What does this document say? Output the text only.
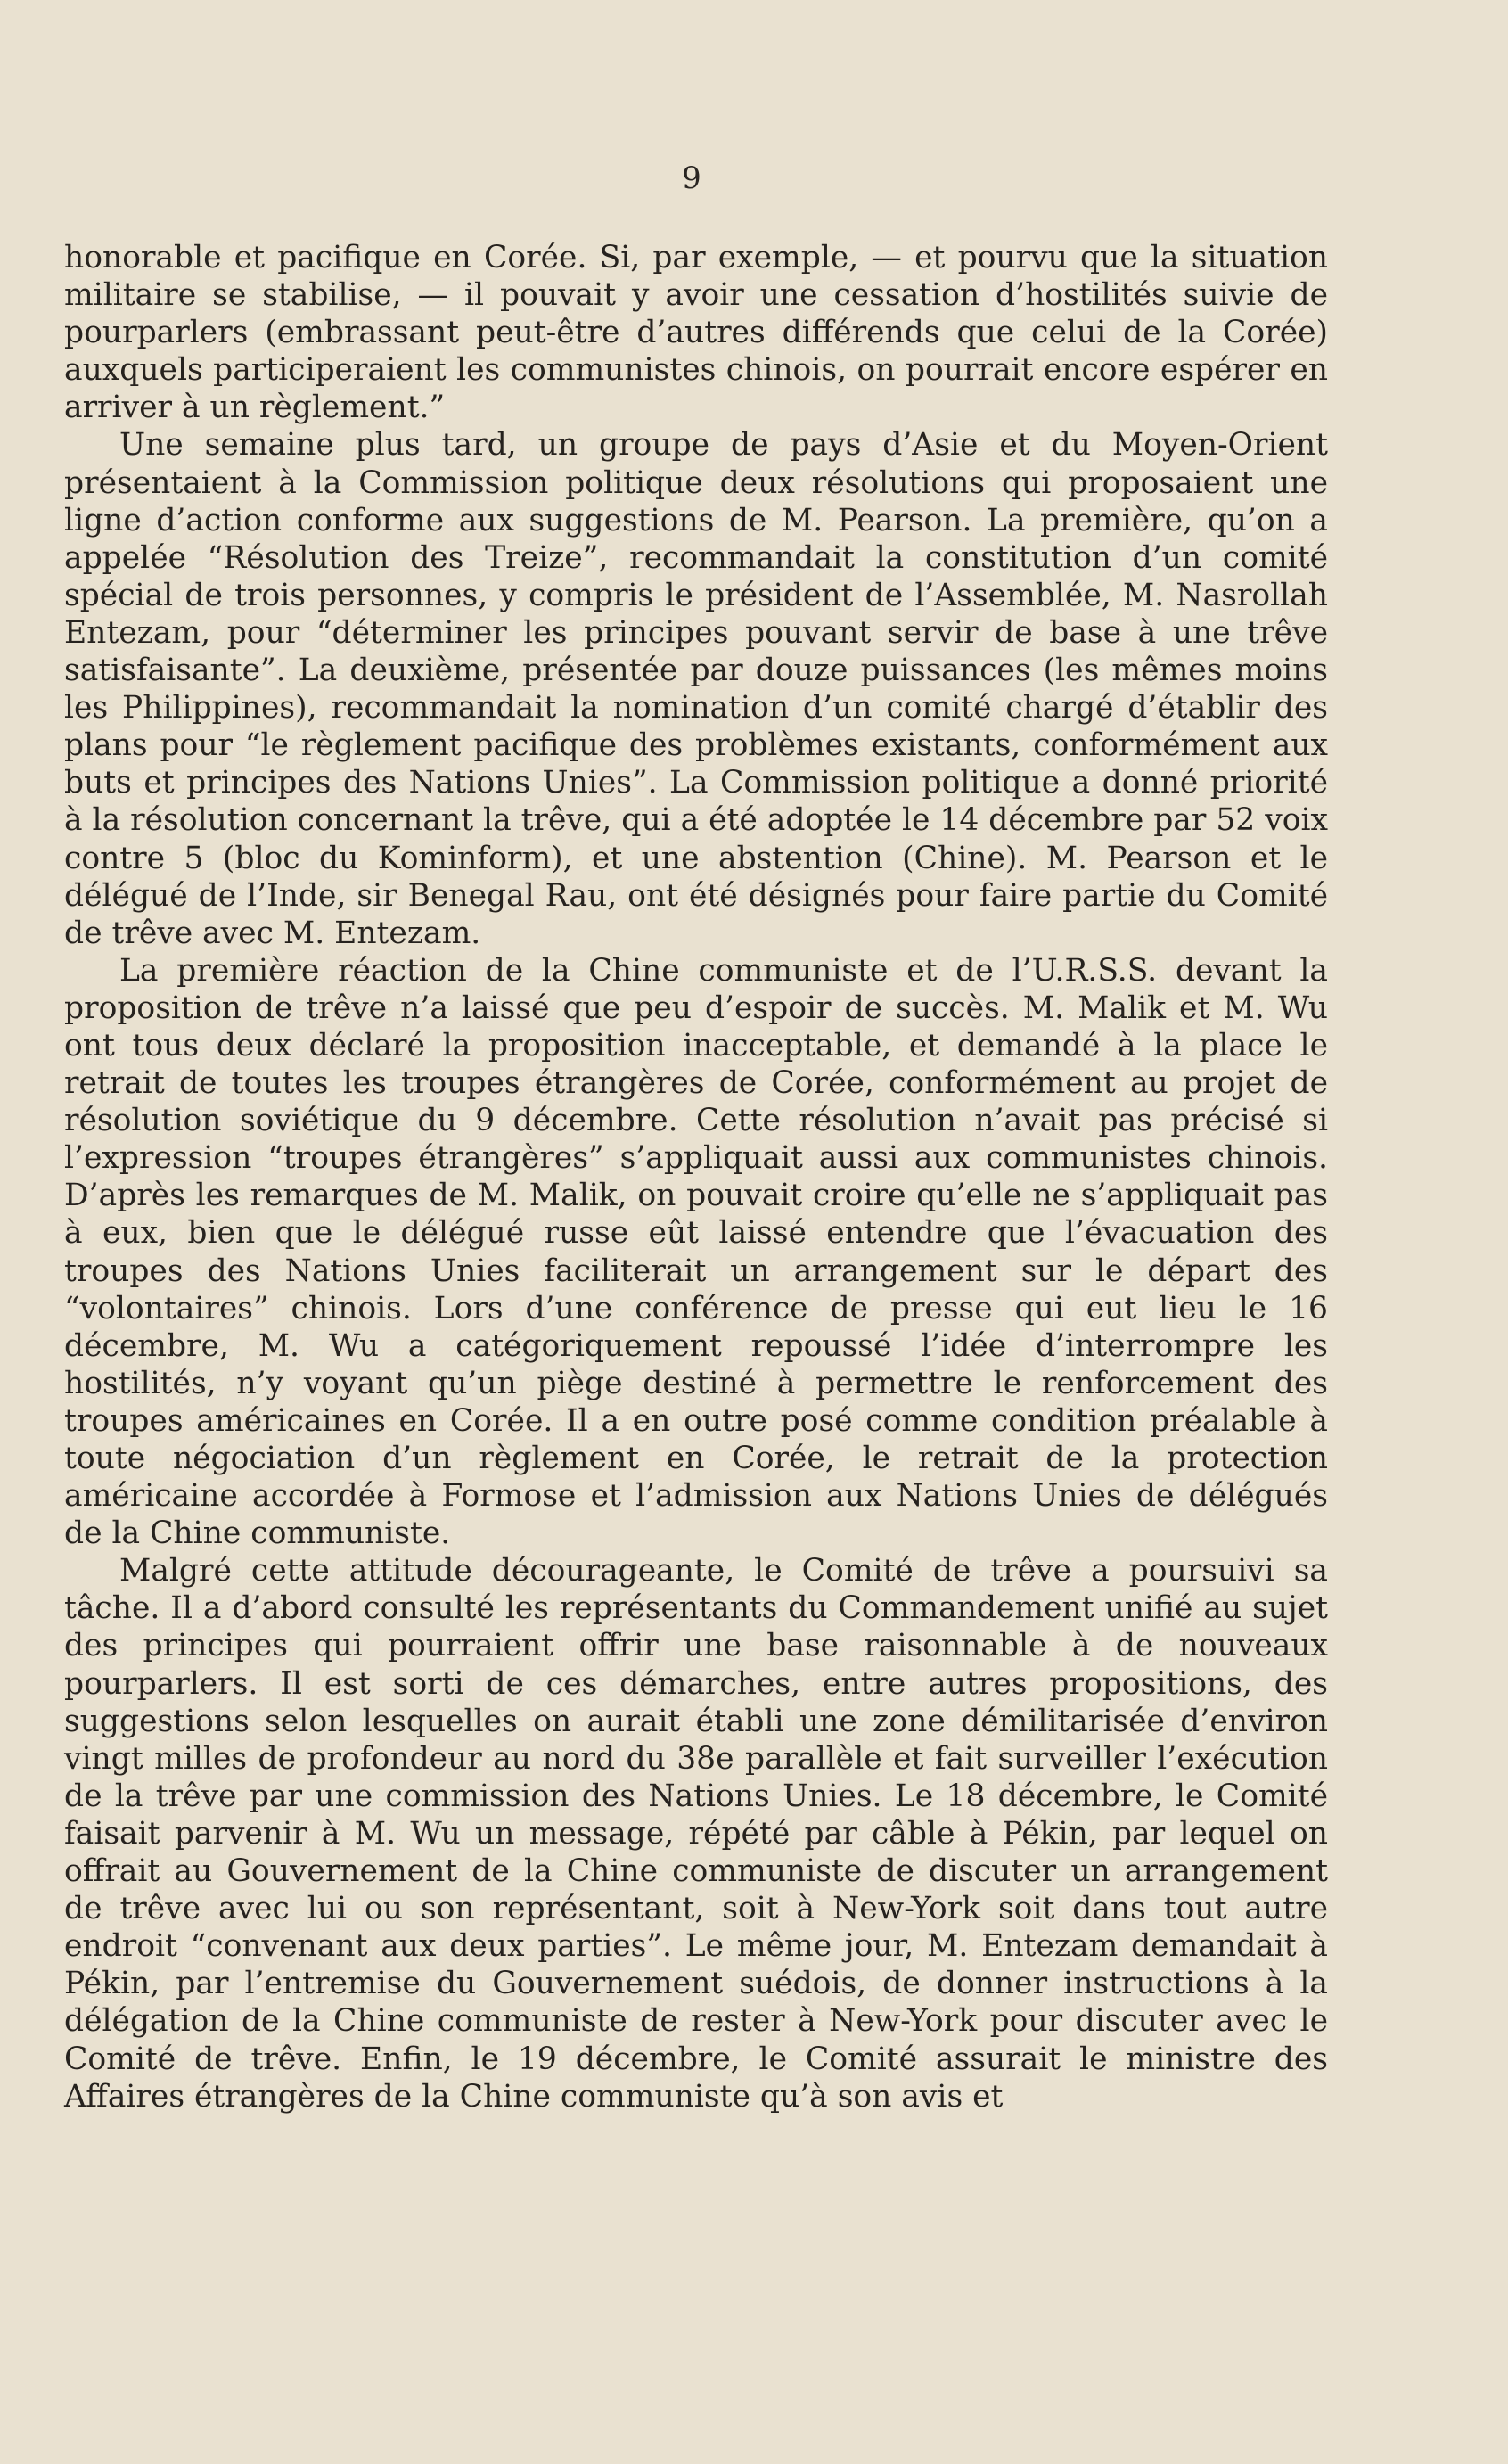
9

honorable et pacifique en Corée. Si, par exemple, — et pourvu que la situation militaire se stabilise, — il pouvait y avoir une cessation d’hostilités suivie de pourparlers (embrassant peut-être d’autres différends que celui de la Corée) auxquels participeraient les communistes chinois, on pourrait encore espérer en arriver à un règlement.”

Une semaine plus tard, un groupe de pays d’Asie et du Moyen-Orient présentaient à la Commission politique deux résolutions qui proposaient une ligne d’action conforme aux suggestions de M. Pearson. La première, qu’on a appelée “Résolution des Treize”, recommandait la constitution d’un comité spécial de trois personnes, y compris le président de l’Assemblée, M. Nasrollah Entezam, pour “déterminer les principes pouvant servir de base à une trêve satisfaisante”. La deuxième, présentée par douze puissances (les mêmes moins les Philippines), recommandait la nomination d’un comité chargé d’établir des plans pour “le règlement pacifique des problèmes existants, conformément aux buts et principes des Nations Unies”. La Commission politique a donné priorité à la résolution concernant la trêve, qui a été adoptée le 14 décembre par 52 voix contre 5 (bloc du Kominform), et une abstention (Chine). M. Pearson et le délégué de l’Inde, sir Benegal Rau, ont été désignés pour faire partie du Comité de trêve avec M. Entezam.

La première réaction de la Chine communiste et de l’U.R.S.S. devant la proposition de trêve n’a laissé que peu d’espoir de succès. M. Malik et M. Wu ont tous deux déclaré la proposition inacceptable, et demandé à la place le retrait de toutes les troupes étrangères de Corée, conformément au projet de résolution soviétique du 9 décembre. Cette résolution n’avait pas précisé si l’expression “troupes étrangères” s’appliquait aussi aux communistes chinois. D’après les remarques de M. Malik, on pouvait croire qu’elle ne s’appliquait pas à eux, bien que le délégué russe eût laissé entendre que l’évacuation des troupes des Nations Unies faciliterait un arrangement sur le départ des “volontaires” chinois. Lors d’une conférence de presse qui eut lieu le 16 décembre, M. Wu a catégoriquement repoussé l’idée d’interrompre les hostilités, n’y voyant qu’un piège destiné à permettre le renforcement des troupes américaines en Corée. Il a en outre posé comme condition préalable à toute négociation d’un règlement en Corée, le retrait de la protection américaine accordée à Formose et l’admission aux Nations Unies de délégués de la Chine communiste.

Malgré cette attitude décourageante, le Comité de trêve a poursuivi sa tâche. Il a d’abord consulté les représentants du Commandement unifié au sujet des principes qui pourraient offrir une base raisonnable à de nouveaux pourparlers. Il est sorti de ces démarches, entre autres propositions, des suggestions selon lesquelles on aurait établi une zone démilitarisée d’environ vingt milles de profondeur au nord du 38e parallèle et fait surveiller l’exécution de la trêve par une commission des Nations Unies. Le 18 décembre, le Comité faisait parvenir à M. Wu un message, répété par câble à Pékin, par lequel on offrait au Gouvernement de la Chine communiste de discuter un arrangement de trêve avec lui ou son représentant, soit à New-York soit dans tout autre endroit “convenant aux deux parties”. Le même jour, M. Entezam demandait à Pékin, par l’entremise du Gouvernement suédois, de donner instructions à la délégation de la Chine communiste de rester à New-York pour discuter avec le Comité de trêve. Enfin, le 19 décembre, le Comité assurait le ministre des Affaires étrangères de la Chine communiste qu’à son avis et
